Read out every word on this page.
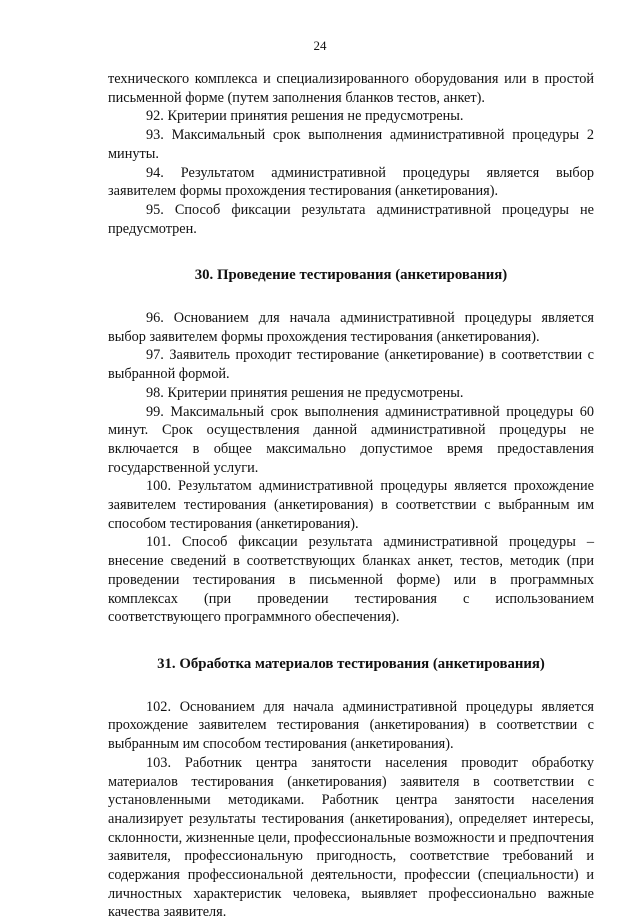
24

технического комплекса и специализированного оборудования или в простой письменной форме (путем заполнения бланков тестов, анкет).

92. Критерии принятия решения не предусмотрены.

93. Максимальный срок выполнения административной процедуры 2 минуты.

94. Результатом административной процедуры является выбор заявителем формы прохождения тестирования (анкетирования).

95. Способ фиксации результата административной процедуры не предусмотрен.

30. Проведение тестирования (анкетирования)

96. Основанием для начала административной процедуры является выбор заявителем формы прохождения тестирования (анкетирования).

97. Заявитель проходит тестирование (анкетирование) в соответствии с выбранной формой.

98. Критерии принятия решения не предусмотрены.

99. Максимальный срок выполнения административной процедуры 60 минут. Срок осуществления данной административной процедуры не включается в общее максимально допустимое время предоставления государственной услуги.

100. Результатом административной процедуры является прохождение заявителем тестирования (анкетирования) в соответствии с выбранным им способом тестирования (анкетирования).

101. Способ фиксации результата административной процедуры – внесение сведений в соответствующих бланках анкет, тестов, методик (при проведении тестирования в письменной форме) или в программных комплексах (при проведении тестирования с использованием соответствующего программного обеспечения).

31. Обработка материалов тестирования (анкетирования)

102. Основанием для начала административной процедуры является прохождение заявителем тестирования (анкетирования) в соответствии с выбранным им способом тестирования (анкетирования).

103. Работник центра занятости населения проводит обработку материалов тестирования (анкетирования) заявителя в соответствии с установленными методиками. Работник центра занятости населения анализирует результаты тестирования (анкетирования), определяет интересы, склонности, жизненные цели, профессиональные возможности и предпочтения заявителя, профессиональную пригодность, соответствие требований и содержания профессиональной деятельности, профессии (специальности) и личностных характеристик человека, выявляет профессионально важные качества заявителя.
